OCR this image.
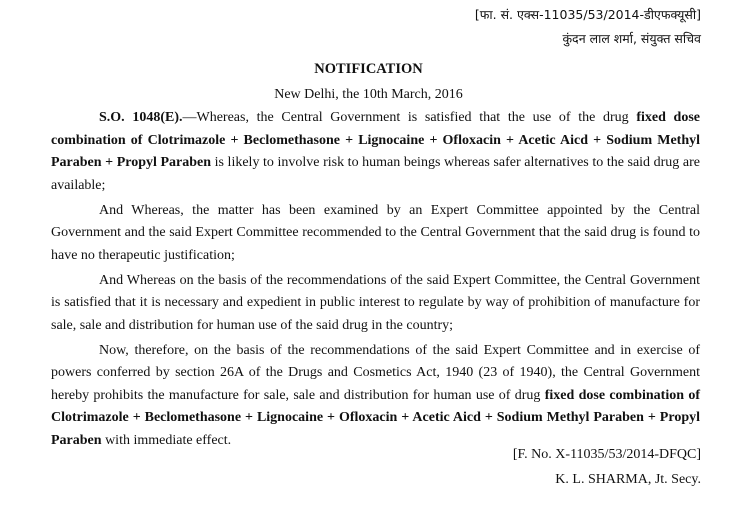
[फा. सं. एक्स-11035/53/2014-डीएफक्यूसी]
कुंदन लाल शर्मा, संयुक्त सचिव
NOTIFICATION
New Delhi, the 10th March, 2016

S.O. 1048(E).—Whereas, the Central Government is satisfied that the use of the drug fixed dose combination of Clotrimazole + Beclomethasone + Lignocaine + Ofloxacin + Acetic Aicd + Sodium Methyl Paraben + Propyl Paraben is likely to involve risk to human beings whereas safer alternatives to the said drug are available;

And Whereas, the matter has been examined by an Expert Committee appointed by the Central Government and the said Expert Committee recommended to the Central Government that the said drug is found to have no therapeutic justification;

And Whereas on the basis of the recommendations of the said Expert Committee, the Central Government is satisfied that it is necessary and expedient in public interest to regulate by way of prohibition of manufacture for sale, sale and distribution for human use of the said drug in the country;

Now, therefore, on the basis of the recommendations of the said Expert Committee and in exercise of powers conferred by section 26A of the Drugs and Cosmetics Act, 1940 (23 of 1940), the Central Government hereby prohibits the manufacture for sale, sale and distribution for human use of drug fixed dose combination of Clotrimazole + Beclomethasone + Lignocaine + Ofloxacin + Acetic Aicd + Sodium Methyl Paraben + Propyl Paraben with immediate effect.

[F. No. X-11035/53/2014-DFQC]
K. L. SHARMA, Jt. Secy.
